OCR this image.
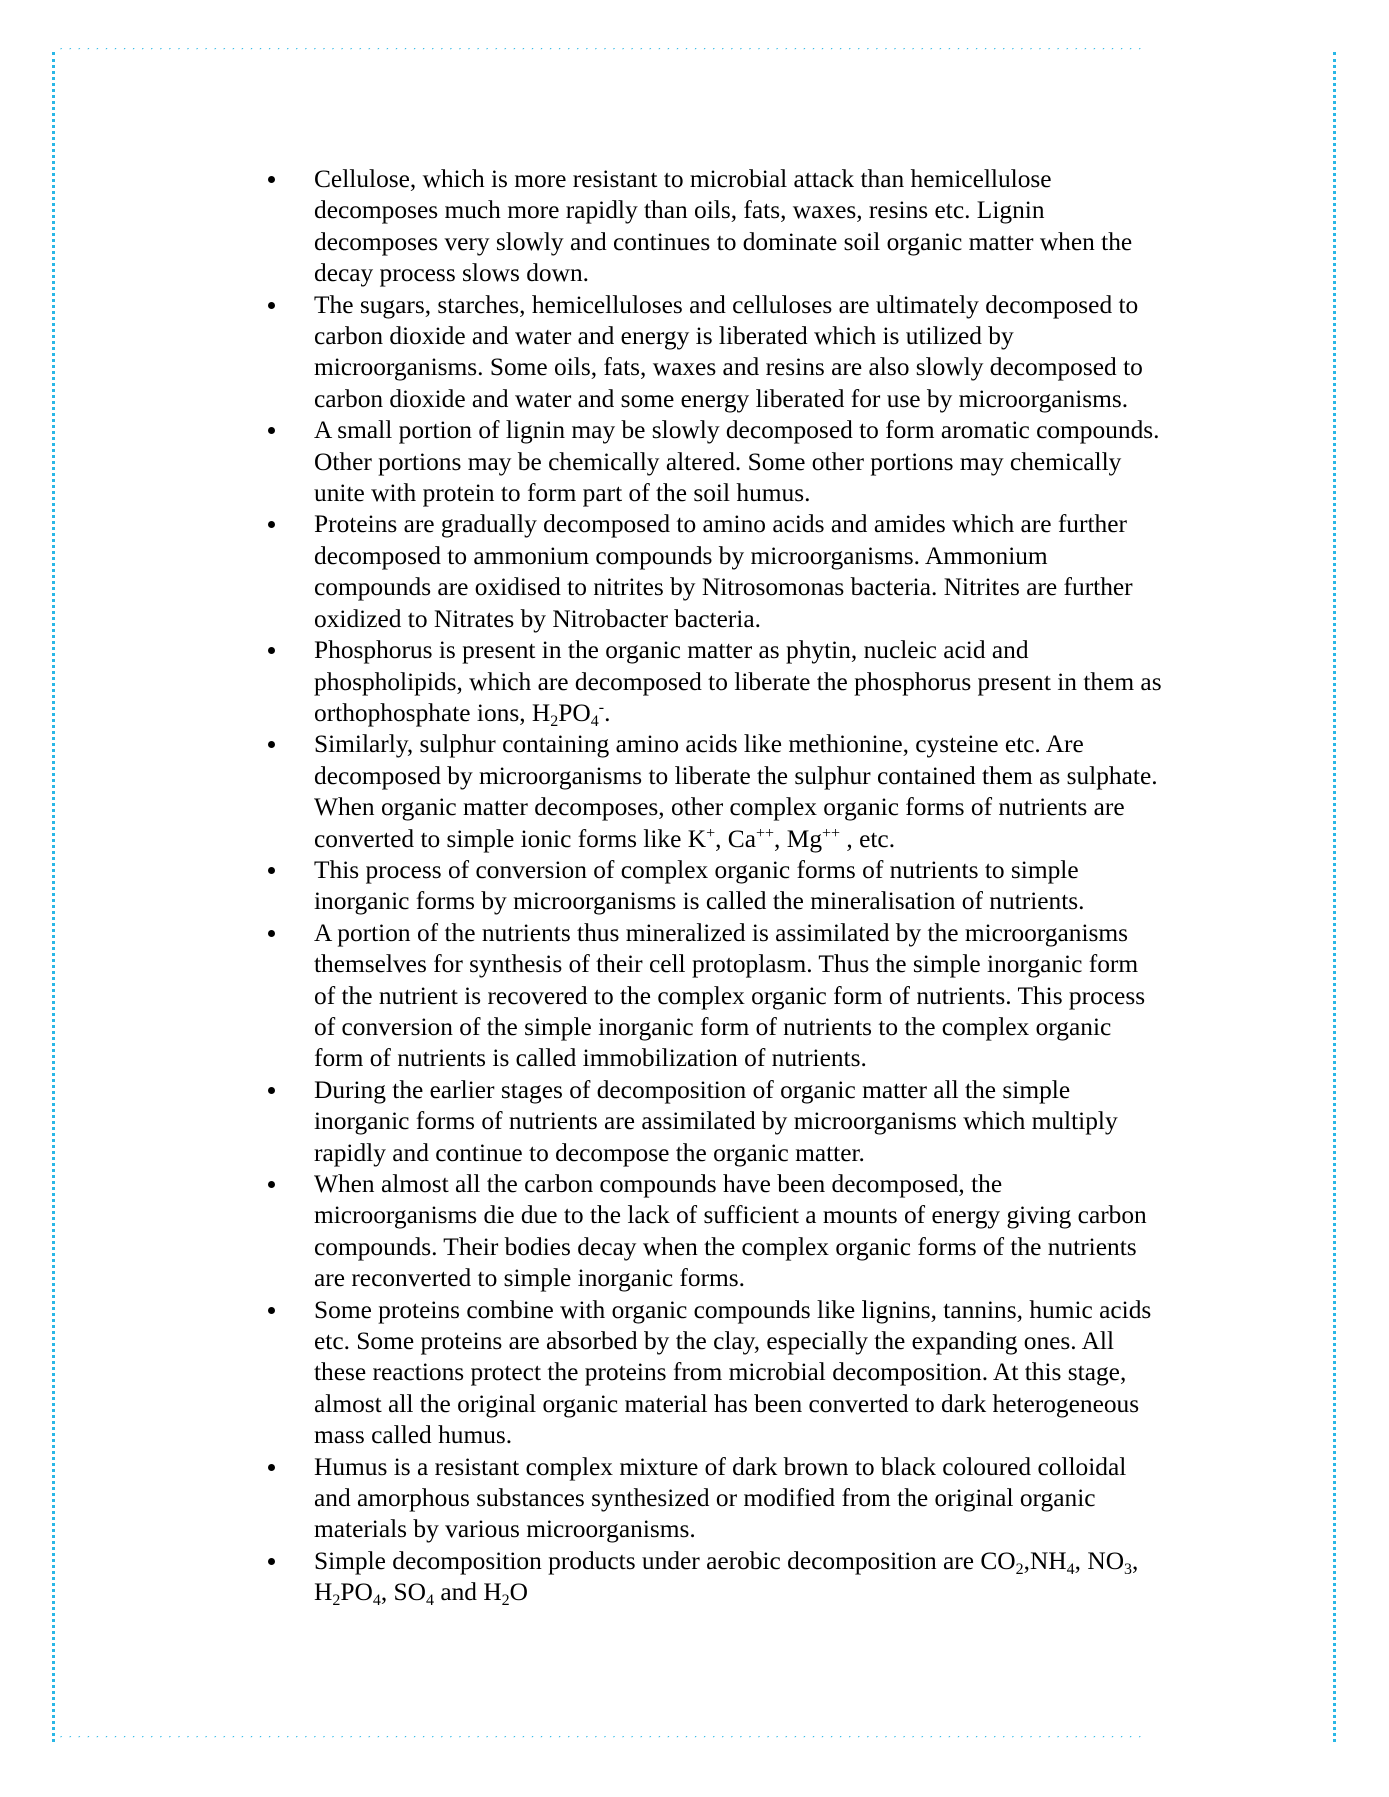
′′′′′′′′′′′′′′′′′′′′′′′′′′′′′′′′′′′′′′′′′′′′′′′′′′′′′′′′′′′′′′′′′′′′′′′′′′′′′′′′′′′′′′′′′′′′′′′′′′′′′′′′′′′′′′′′′′′′′′′′
′′′′′′′′′′′′′′′′′′′′′′′′′′′′′′′′′′′′′′′′′′′′′′′′′′′′′′′′′′′′′′′′′′′′′′′′′′′′′′′′′′′′′′′′′′′′′′′′′′′′′′′′′′′′′′′′′′′′′′′′
Cellulose, which is more resistant to microbial attack than hemicellulose
decomposes much more rapidly than oils, fats, waxes, resins etc. Lignin
decomposes very slowly and continues to dominate soil organic matter when the
decay process slows down.
The sugars, starches, hemicelluloses and celluloses are ultimately decomposed to
carbon dioxide and water and energy is liberated which is utilized by
microorganisms. Some oils, fats, waxes and resins are also slowly decomposed to
carbon dioxide and water and some energy liberated for use by microorganisms.
A small portion of lignin may be slowly decomposed to form aromatic compounds.
Other portions may be chemically altered. Some other portions may chemically
unite with protein to form part of the soil humus.
Proteins are gradually decomposed to amino acids and amides which are further
decomposed to ammonium compounds by microorganisms. Ammonium
compounds are oxidised to nitrites by Nitrosomonas bacteria. Nitrites are further
oxidized to Nitrates by Nitrobacter bacteria.
Phosphorus is present in the organic matter as phytin, nucleic acid and
phospholipids, which are decomposed to liberate the phosphorus present in them as
orthophosphate ions, $H_2PO_4^-$.
Similarly, sulphur containing amino acids like methionine, cysteine etc. Are
decomposed by microorganisms to liberate the sulphur contained them as sulphate.
When organic matter decomposes, other complex organic forms of nutrients are
converted to simple ionic forms like K+, Ca++, Mg++ , etc.
This process of conversion of complex organic forms of nutrients to simple
inorganic forms by microorganisms is called the mineralisation of nutrients.
A portion of the nutrients thus mineralized is assimilated by the microorganisms
themselves for synthesis of their cell protoplasm. Thus the simple inorganic form
of the nutrient is recovered to the complex organic form of nutrients. This process
of conversion of the simple inorganic form of nutrients to the complex organic
form of nutrients is called immobilization of nutrients.
During the earlier stages of decomposition of organic matter all the simple
inorganic forms of nutrients are assimilated by microorganisms which multiply
rapidly and continue to decompose the organic matter.
When almost all the carbon compounds have been decomposed, the
microorganisms die due to the lack of sufficient a mounts of energy giving carbon
compounds. Their bodies decay when the complex organic forms of the nutrients
are reconverted to simple inorganic forms.
Some proteins combine with organic compounds like lignins, tannins, humic acids
etc. Some proteins are absorbed by the clay, especially the expanding ones. All
these reactions protect the proteins from microbial decomposition. At this stage,
almost all the original organic material has been converted to dark heterogeneous
mass called humus.
Humus is a resistant complex mixture of dark brown to black coloured colloidal
and amorphous substances synthesized or modified from the original organic
materials by various microorganisms.
Simple decomposition products under aerobic decomposition are $CO_2,NH_4$, $NO_3$,
$H_2PO_4$, $SO_4$ and $H_2O$
